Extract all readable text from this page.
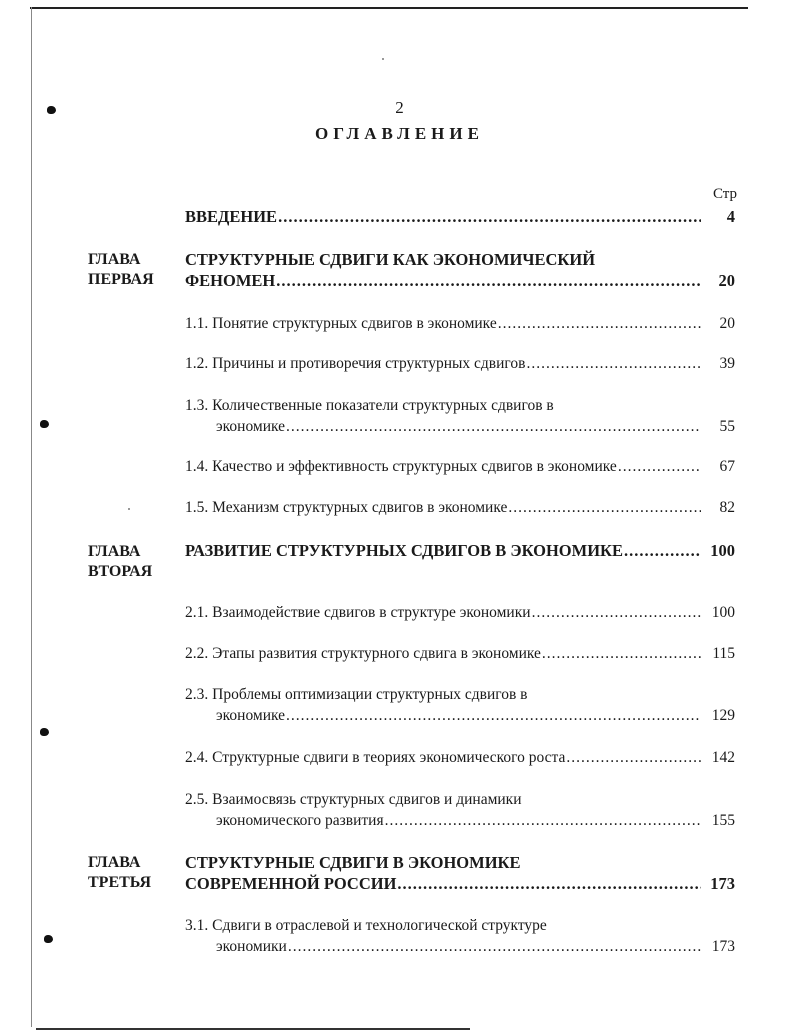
2
ОГЛАВЛЕНИЕ
Стр
ВВЕДЕНИЕ .....	4
ГЛАВА
ПЕРВАЯ
СТРУКТУРНЫЕ СДВИГИ КАК ЭКОНОМИЧЕСКИЙ
ФЕНОМЕН .....	20
1.1. Понятие структурных сдвигов в экономике .....	20
1.2. Причины и противоречия структурных сдвигов .....	39
1.3. Количественные показатели структурных сдвигов в
экономике .....	55
1.4. Качество и эффективность структурных сдвигов в экономике .....	67
1.5. Механизм структурных сдвигов в экономике .....	82
ГЛАВА
ВТОРАЯ
РАЗВИТИЕ СТРУКТУРНЫХ СДВИГОВ В ЭКОНОМИКЕ .....	100
2.1. Взаимодействие сдвигов в структуре экономики .....	100
2.2. Этапы развития структурного сдвига в экономике .....	115
2.3. Проблемы оптимизации структурных сдвигов в
экономике .....	129
2.4. Структурные сдвиги в теориях экономического роста .....	142
2.5. Взаимосвязь структурных сдвигов и динамики
экономического развития .....	155
ГЛАВА
ТРЕТЬЯ
СТРУКТУРНЫЕ СДВИГИ В ЭКОНОМИКЕ
СОВРЕМЕННОЙ РОССИИ .....	173
3.1. Сдвиги в отраслевой и технологической структуре
экономики .....	173
